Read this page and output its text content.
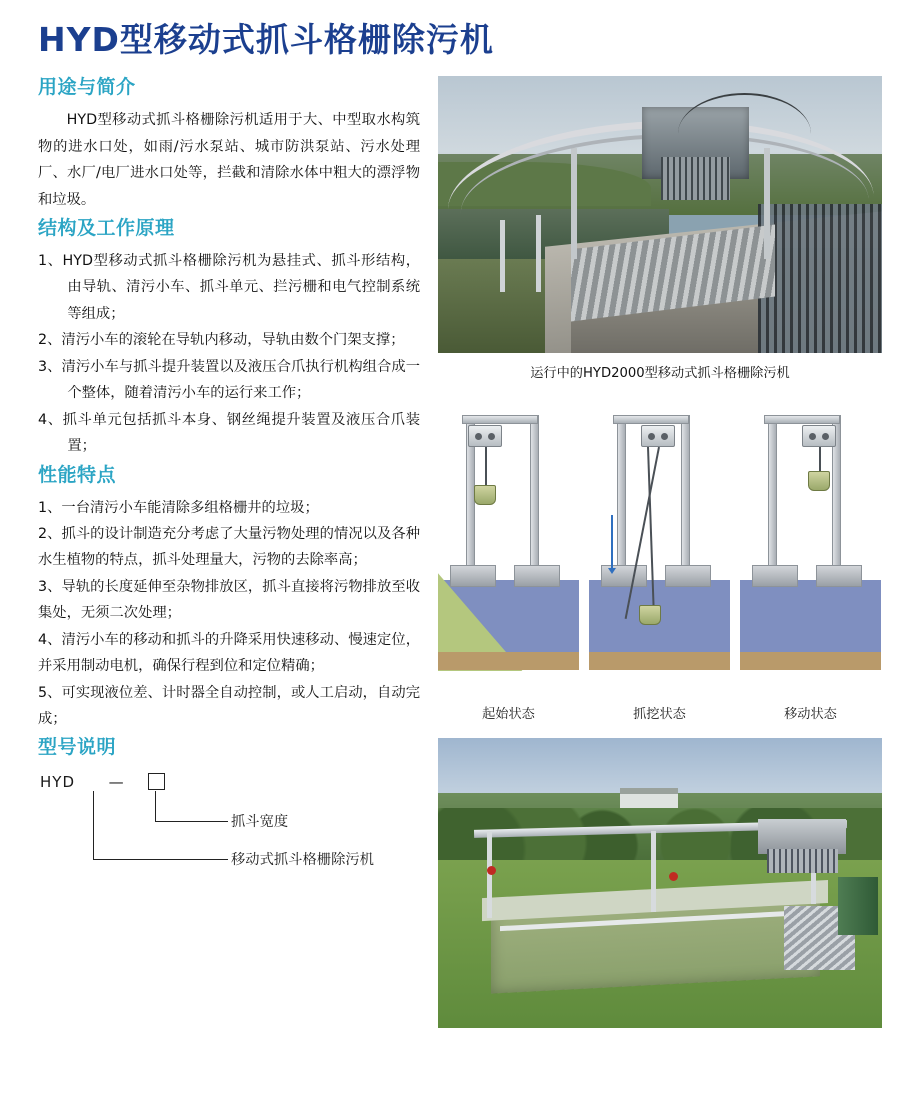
HYD型移动式抓斗格栅除污机
用途与简介

HYD型移动式抓斗格栅除污机适用于大、中型取水构筑物的进水口处，如雨/污水泵站、城市防洪泵站、污水处理厂、水厂/电厂进水口处等，拦截和清除水体中粗大的漂浮物和垃圾。

结构及工作原理
1、HYD型移动式抓斗格栅除污机为悬挂式、抓斗形结构，由导轨、清污小车、抓斗单元、拦污栅和电气控制系统等组成；
2、清污小车的滚轮在导轨内移动，导轨由数个门架支撑；
3、清污小车与抓斗提升装置以及液压合爪执行机构组合成一个整体，随着清污小车的运行来工作；
4、抓斗单元包括抓斗本身、钢丝绳提升装置及液压合爪装置；
性能特点
1、一台清污小车能清除多组格栅井的垃圾；
2、抓斗的设计制造充分考虑了大量污物处理的情况以及各种水生植物的特点，抓斗处理量大，污物的去除率高；
3、导轨的长度延伸至杂物排放区，抓斗直接将污物排放至收集处，无须二次处理；
4、清污小车的移动和抓斗的升降采用快速移动、慢速定位，并采用制动电机，确保行程到位和定位精确；
5、可实现液位差、计时器全自动控制，或人工启动，自动完成；
型号说明
HYD —
抓斗宽度
移动式抓斗格栅除污机

运行中的HYD2000型移动式抓斗格栅除污机

起始状态	抓挖状态	移动状态
